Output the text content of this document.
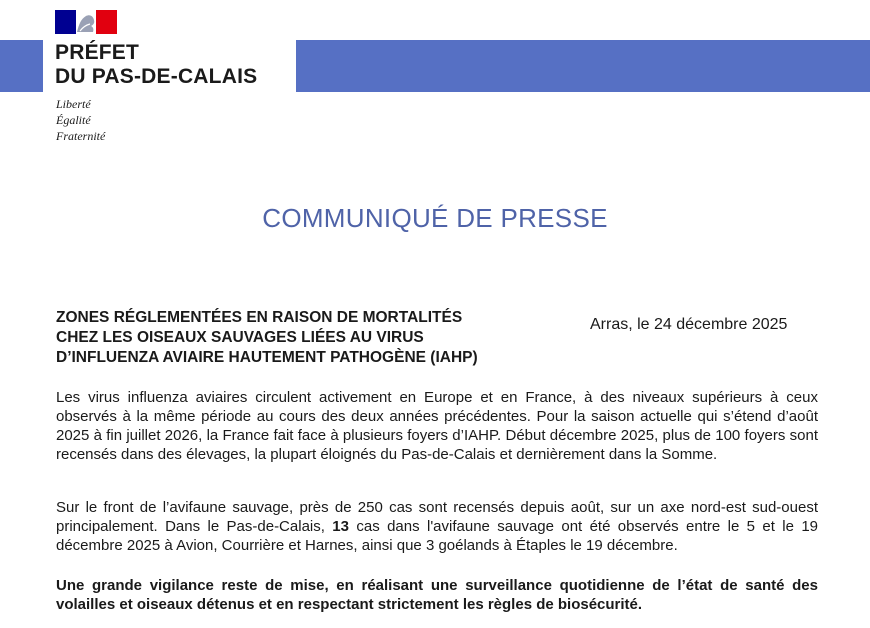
PRÉFET
DU PAS-DE-CALAIS
Liberté
Égalité
Fraternité
COMMUNIQUÉ DE PRESSE
ZONES RÉGLEMENTÉES EN RAISON DE MORTALITÉS
CHEZ LES OISEAUX SAUVAGES LIÉES AU VIRUS
D’INFLUENZA AVIAIRE HAUTEMENT PATHOGÈNE (IAHP)
Arras, le 24 décembre 2025

Les virus influenza aviaires circulent activement en Europe et en France, à des niveaux supérieurs à ceux observés à la même période au cours des deux années précédentes. Pour la saison actuelle qui s’étend d’août 2025 à fin juillet 2026, la France fait face à plusieurs foyers d’IAHP. Début décembre 2025, plus de 100 foyers sont recensés dans des élevages, la plupart éloignés du Pas-de-Calais et dernièrement dans la Somme.

Sur le front de l’avifaune sauvage, près de 250 cas sont recensés depuis août, sur un axe nord-est sud-ouest principalement. Dans le Pas-de-Calais, 13 cas dans l'avifaune sauvage ont été observés entre le 5 et le 19 décembre 2025 à Avion, Courrière et Harnes, ainsi que 3 goélands à Étaples le 19 décembre.

Une grande vigilance reste de mise, en réalisant une surveillance quotidienne de l’état de santé des volailles et oiseaux détenus et en respectant strictement les règles de biosécurité.
